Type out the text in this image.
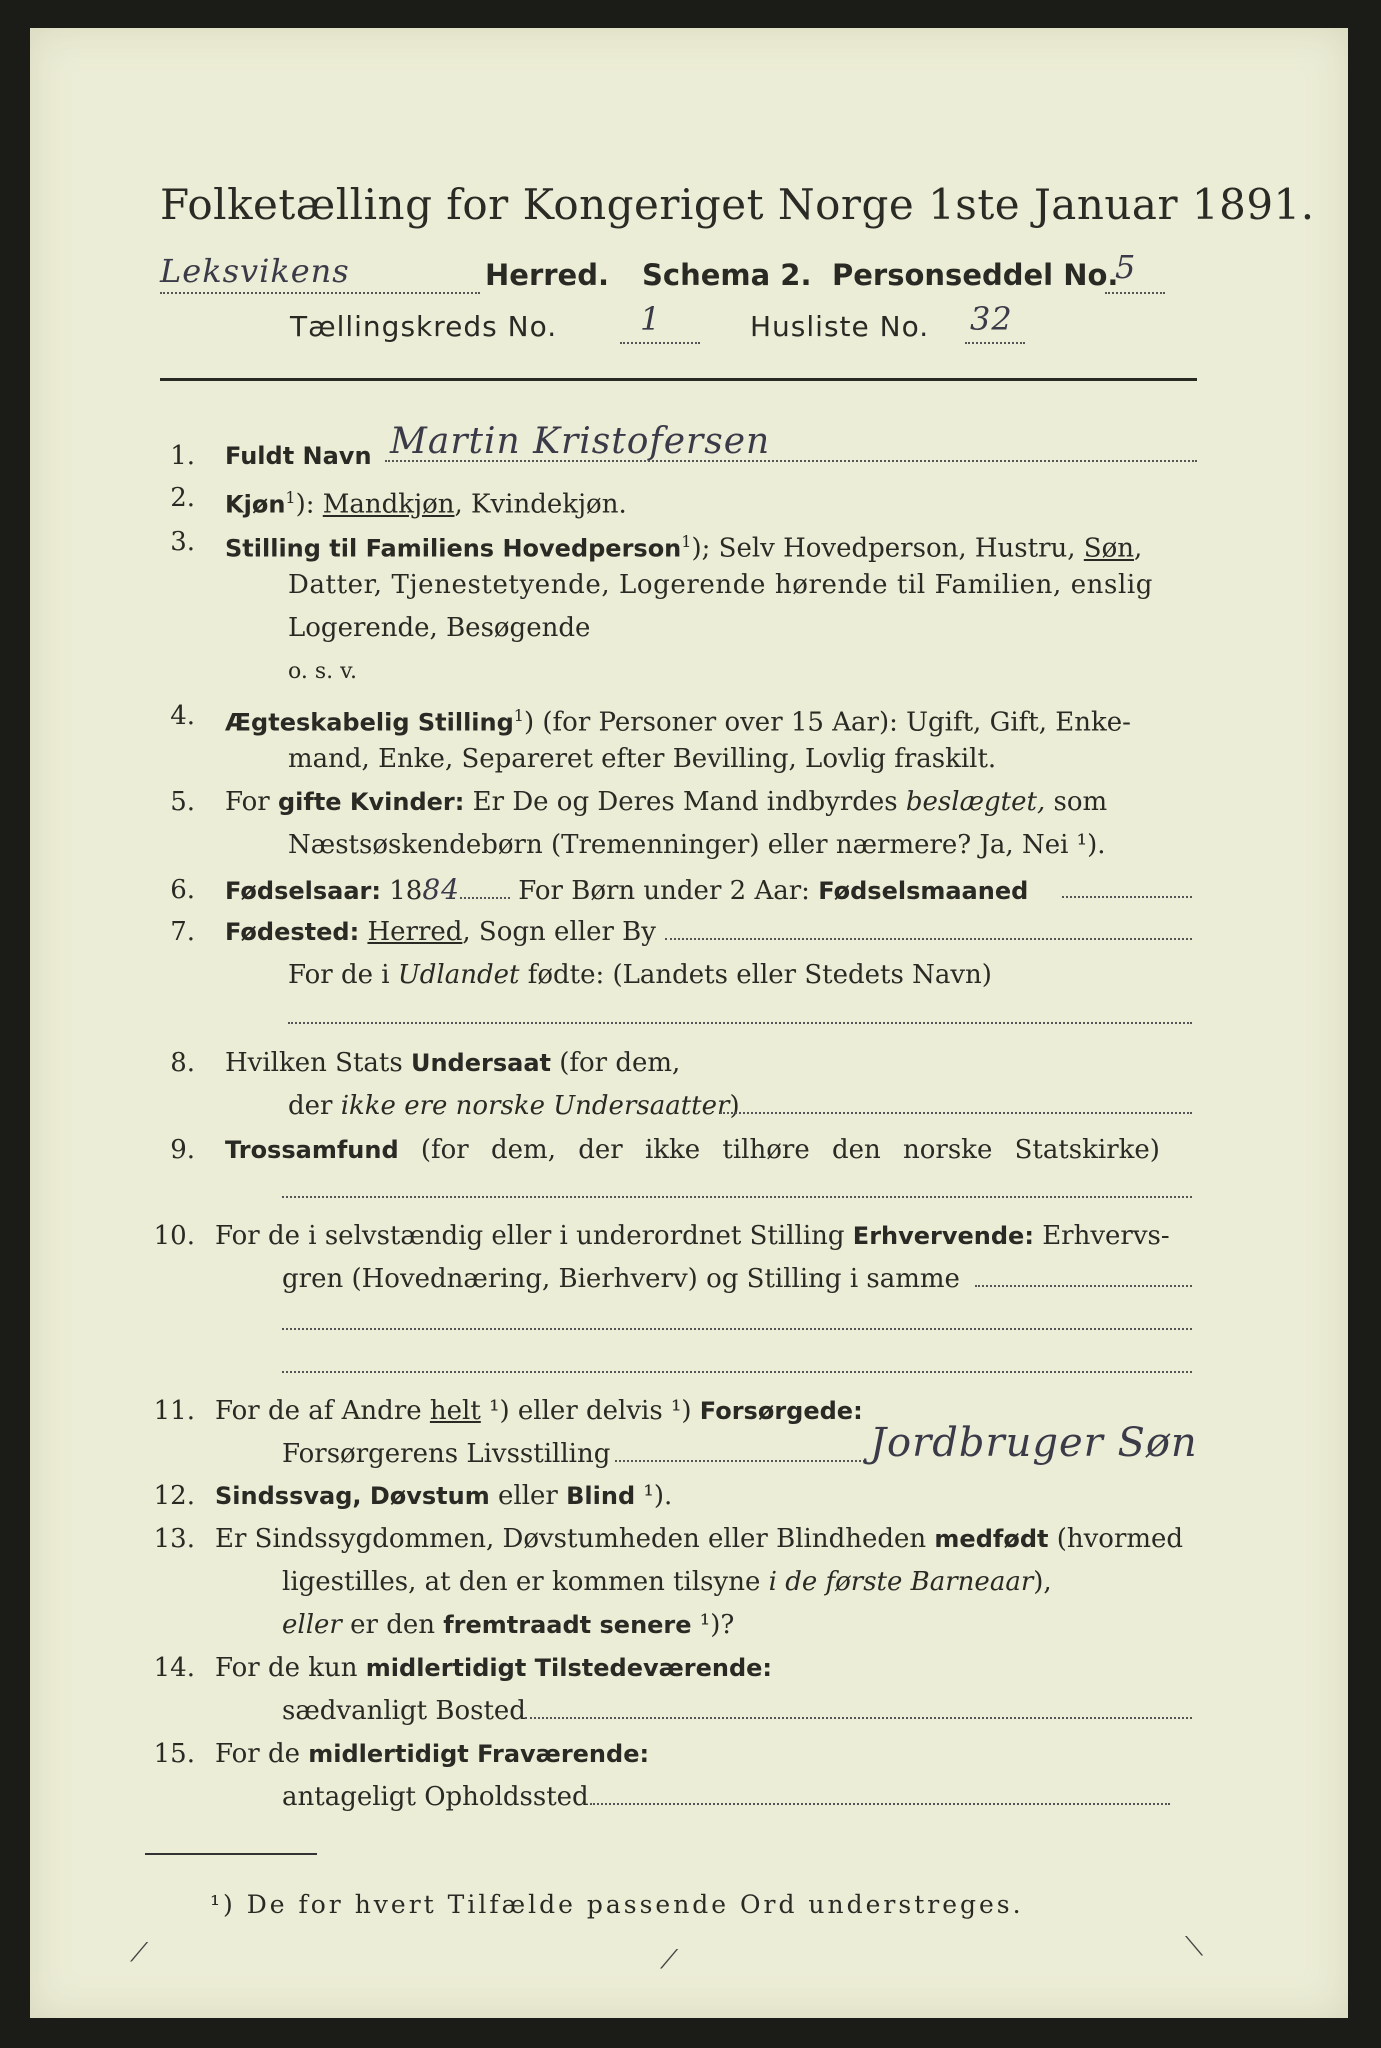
Folketælling for Kongeriget Norge 1ste Januar 1891.
Leksvikens	Herred. Schema 2. Personseddel No.
5
Tællingskreds No.	1	Husliste No. 32
1. Fuldt Navn Martin Kristofersen
2. Kjøn$^1$): Mandkjøn, Kvindekjøn.
3. Stilling til Familiens Hovedperson$^1$); Selv Hovedperson, Hustru, Søn,
Datter, Tjenestetyende, Logerende hørende til Familien, enslig
Logerende, Besøgende
o. s. v.
4. Ægteskabelig Stilling$^1$) (for Personer over 15 Aar): Ugift, Gift, Enke-
mand, Enke, Separeret efter Bevilling, Lovlig fraskilt.
5. For gifte Kvinder: Er De og Deres Mand indbyrdes beslægtet, som
Næstsøskendebørn (Tremenninger) eller nærmere? Ja, Nei ¹).
6. Fødselsaar: 1884 For Børn under 2 Aar: Fødselsmaaned
7. Fødested: Herred, Sogn eller By
For de i Udlandet fødte: (Landets eller Stedets Navn)
8. Hvilken Stats Undersaat (for dem,
der ikke ere norske Undersaatter)
9. Trossamfund (for dem, der ikke tilhøre den norske Statskirke)
10. For de i selvstændig eller i underordnet Stilling Erhvervende: Erhvervs-
gren (Hovednæring, Bierhverv) og Stilling i samme
11. For de af Andre helt ¹) eller delvis ¹) Forsørgede:
Forsørgerens Livsstilling	Jordbruger Søn
12. Sindssvag, Døvstum eller Blind ¹).
13. Er Sindssygdommen, Døvstumheden eller Blindheden medfødt (hvormed
ligestilles, at den er kommen tilsyne i de første Barneaar),
eller er den fremtraadt senere ¹)?
14. For de kun midlertidigt Tilstedeværende:
sædvanligt Bosted
15. For de midlertidigt Fraværende:
antageligt Opholdssted
¹) De for hvert Tilfælde passende Ord understreges.
⟋	⟋	⟍
